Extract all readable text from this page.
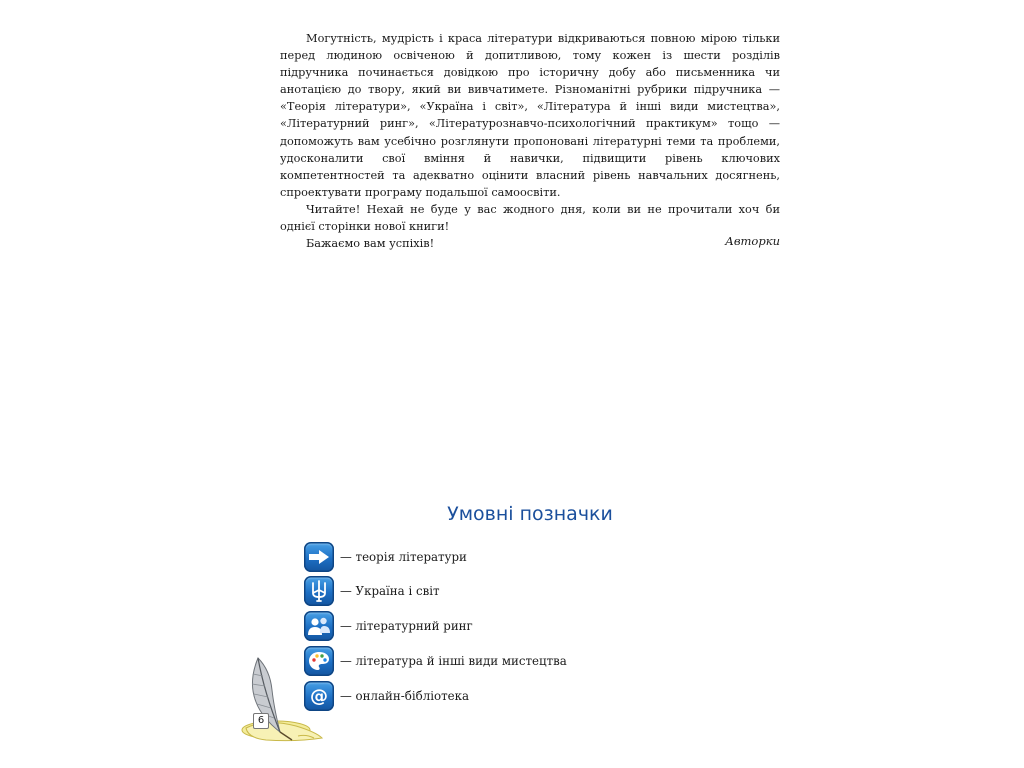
Могутність, мудрість і краса літератури відкриваються повною мірою тільки перед людиною освіченою й допитливою, тому кожен із шести розділів підручника починається довідкою про історичну добу або письменника чи анотацією до твору, який ви вивчатимете. Різноманітні рубрики підручника — «Теорія літератури», «Україна і світ», «Література й інші види мистецтва», «Літературний ринг», «Літературознавчо-психологічний практикум» тощо — допоможуть вам усебічно розглянути пропоновані літературні теми та проблеми, удосконалити свої вміння й навички, підвищити рівень ключових компетентностей та адекватно оцінити власний рівень навчальних досягнень, спроектувати програму подальшої самоосвіти.

Читайте! Нехай не буде у вас жодного дня, коли ви не прочитали хоч би однієї сторінки нової книги!

Бажаємо вам успіхів!	Авторки
Умовні позначки
— теорія літератури
— Україна і світ
— літературний ринг
— література й інші види мистецтва
@ — онлайн-бібліотека
6
